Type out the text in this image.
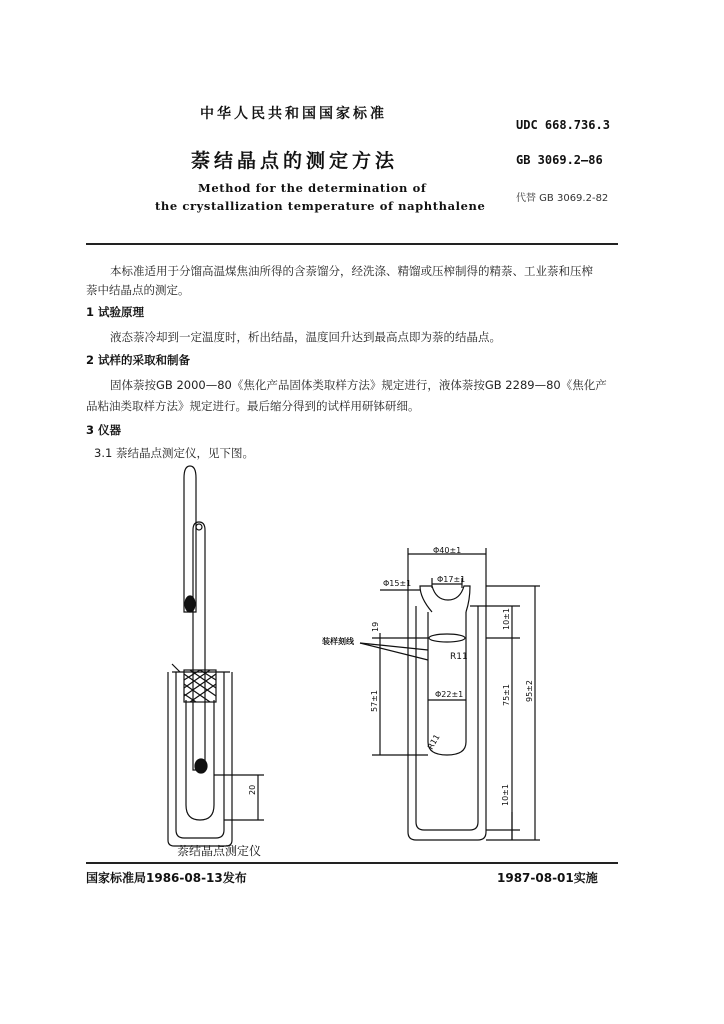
中华人民共和国国家标准
UDC 668.736.3
萘结晶点的测定方法	GB 3069.2—86
Method for the determination of
the crystallization temperature of naphthalene
代替 GB 3069.2-82
本标准适用于分馏高温煤焦油所得的含萘馏分，经洗涤、精馏或压榨制得的精萘、工业萘和压榨
萘中结晶点的测定。
1 试验原理
液态萘冷却到一定温度时，析出结晶，温度回升达到最高点即为萘的结晶点。
2 试样的采取和制备
固体萘按GB 2000—80《焦化产品固体类取样方法》规定进行，液体萘按GB 2289—80《焦化产
品粘油类取样方法》规定进行。最后缩分得到的试样用研钵研细。
3 仪器
3.1 萘结晶点测定仪，见下图。
20
Φ40±1
Φ17±1
Φ15±1
装样刻线
R11
Φ22±1
R11
19
57±1	75±1 95±2
10±1
10±1
萘结晶点测定仪
国家标准局1986-08-13发布	1987-08-01实施
